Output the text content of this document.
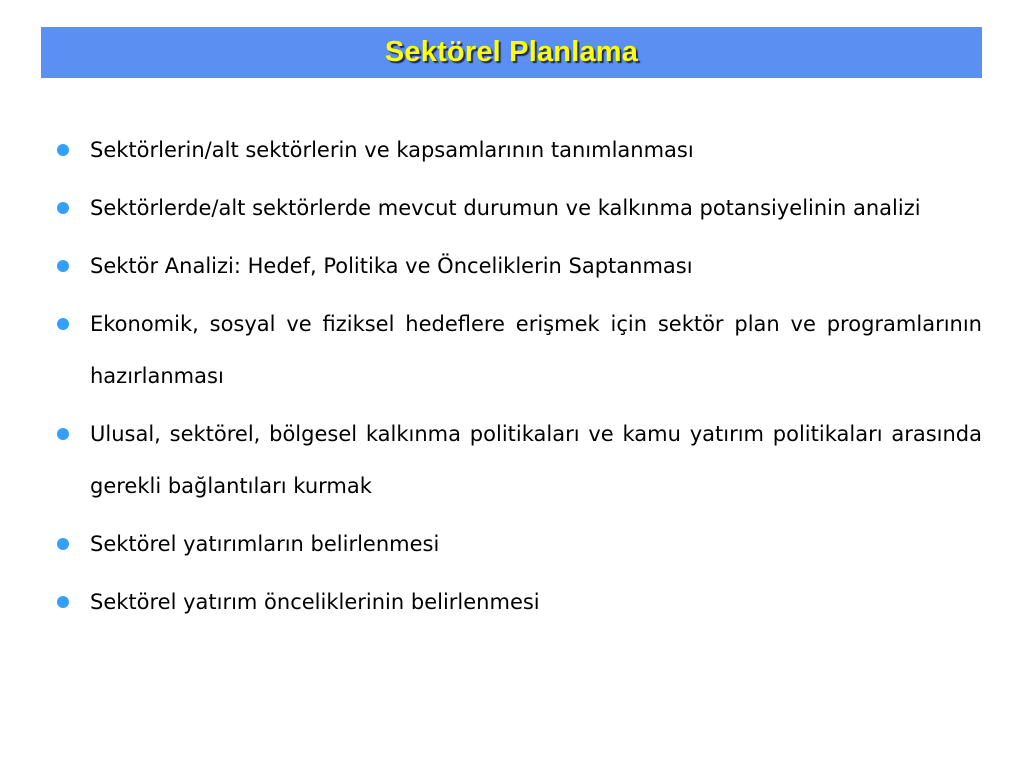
Sektörel Planlama
Sektörlerin/alt sektörlerin ve kapsamlarının tanımlanması
Sektörlerde/alt sektörlerde mevcut durumun ve kalkınma potansiyelinin analizi
Sektör Analizi: Hedef, Politika ve Önceliklerin Saptanması
Ekonomik, sosyal ve fiziksel hedeflere erişmek için sektör plan ve programlarının hazırlanması
Ulusal, sektörel, bölgesel kalkınma politikaları ve kamu yatırım politikaları arasında gerekli bağlantıları kurmak
Sektörel yatırımların belirlenmesi
Sektörel yatırım önceliklerinin belirlenmesi
